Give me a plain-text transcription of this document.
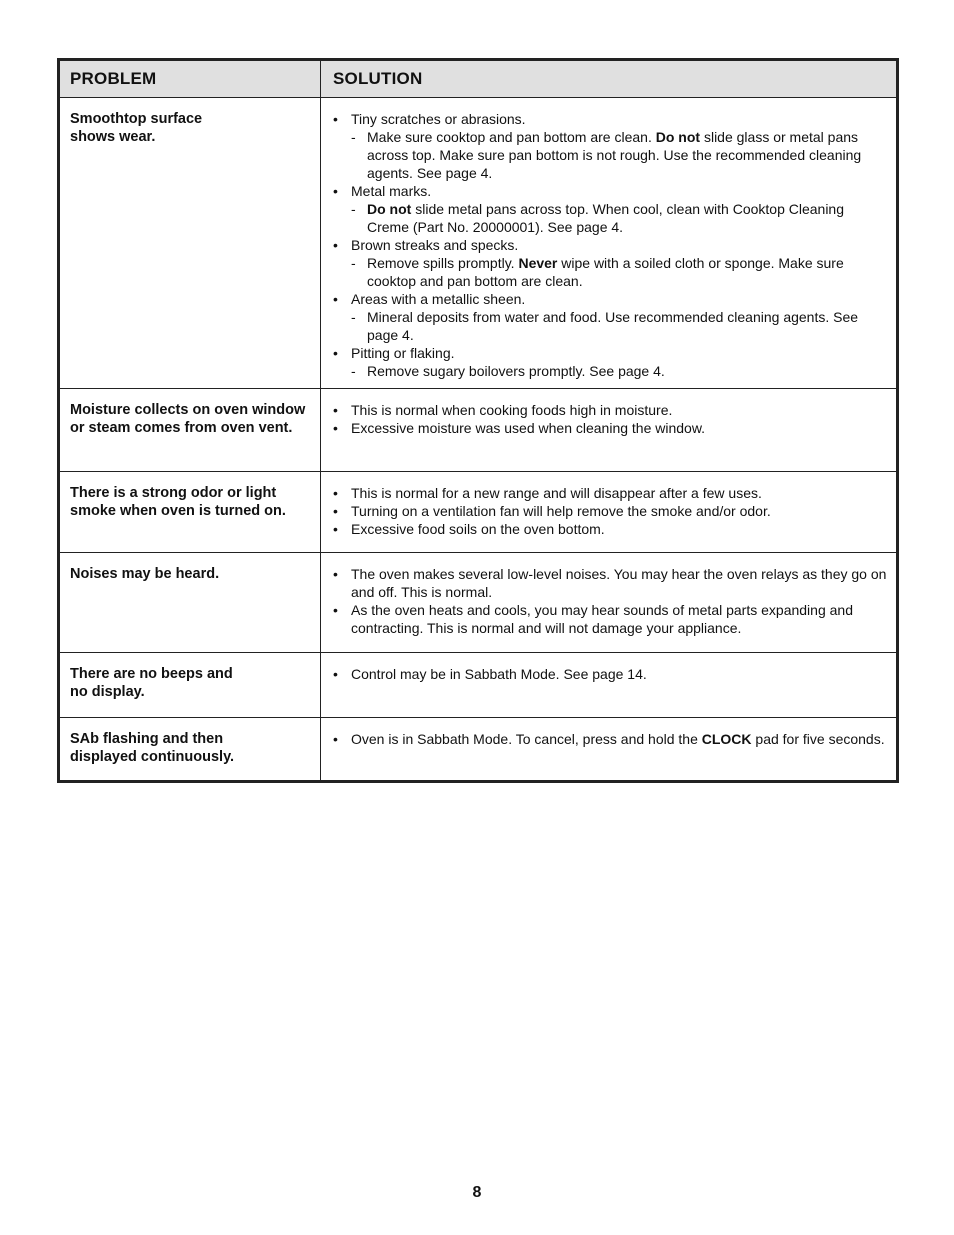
PROBLEM	SOLUTION
Smoothtop surface
shows wear.
• Tiny scratches or abrasions.
- Make sure cooktop and pan bottom are clean. Do not slide glass or metal pans across top. Make sure pan bottom is not rough. Use the recommended cleaning agents. See page 4.
• Metal marks.
- Do not slide metal pans across top. When cool, clean with Cooktop Cleaning Creme (Part No. 20000001). See page 4.
• Brown streaks and specks.
- Remove spills promptly. Never wipe with a soiled cloth or sponge. Make sure cooktop and pan bottom are clean.
• Areas with a metallic sheen.
- Mineral deposits from water and food. Use recommended cleaning agents. See page 4.
• Pitting or flaking.
- Remove sugary boilovers promptly. See page 4.
Moisture collects on oven window or steam comes from oven vent.
• This is normal when cooking foods high in moisture.
• Excessive moisture was used when cleaning the window.
There is a strong odor or light smoke when oven is turned on.
• This is normal for a new range and will disappear after a few uses.
• Turning on a ventilation fan will help remove the smoke and/or odor.
• Excessive food soils on the oven bottom.
Noises may be heard.
•	The oven makes several low-level noises. You may hear the oven relays as they go on and off. This is normal.
• As the oven heats and cools, you may hear sounds of metal parts expanding and contracting. This is normal and will not damage your appliance.
There are no beeps and
no display.
• Control may be in Sabbath Mode. See page 14.
SAb flashing and then
displayed continuously.
• Oven is in Sabbath Mode. To cancel, press and hold the CLOCK pad for five seconds.
8
